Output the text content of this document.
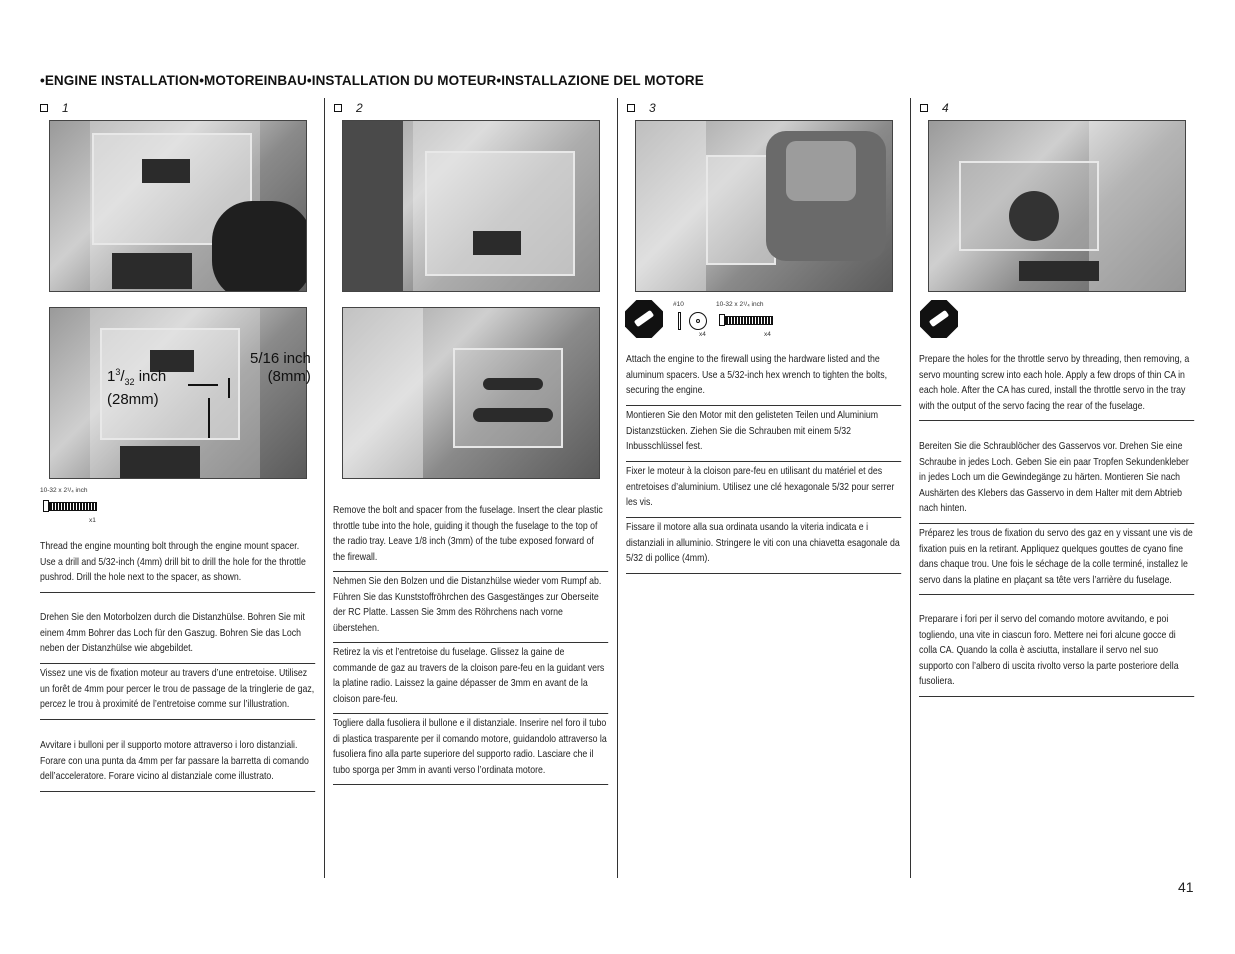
•ENGINE INSTALLATION•MOTOREINBAU•INSTALLATION DU MOTEUR•INSTALLAZIONE DEL MOTORE
1
$1^3/_{32}$ inch
(28mm)
5/16 inch
(8mm)
10-32 x 2¹/₄ inch
x1
Thread the engine mounting bolt through the engine mount spacer. Use a drill and 5/32-inch (4mm) drill bit to drill the hole for the throttle pushrod. Drill the hole next to the spacer, as shown.
Drehen Sie den Motorbolzen durch die Distanzhülse. Bohren Sie mit einem 4mm Bohrer das Loch für den Gaszug. Bohren Sie das Loch neben der Distanzhülse wie abgebildet.
Vissez une vis de fixation moteur au travers d’une entretoise. Utilisez un forêt de 4mm pour percer le trou de passage de la tringlerie de gaz, percez le trou à proximité de l’entretoise comme sur l’illustration.
Avvitare i bulloni per il supporto motore attraverso i loro distanziali. Forare con una punta da 4mm per far passare la barretta di comando dell’acceleratore. Forare vicino al distanziale come illustrato.
2
Remove the bolt and spacer from the fuselage. Insert the clear plastic throttle tube into the hole, guiding it though the fuselage to the top of the radio tray. Leave 1/8 inch (3mm) of the tube exposed forward of the firewall.
Nehmen Sie den Bolzen und die Distanzhülse wieder vom Rumpf ab. Führen Sie das Kunststoffröhrchen des Gasgestänges zur Oberseite der RC Platte. Lassen Sie 3mm des Röhrchens nach vorne überstehen.
Retirez la vis et l’entretoise du fuselage. Glissez la gaine de commande de gaz au travers de la cloison pare-feu en la guidant vers la platine radio. Laissez la gaine dépasser de 3mm en avant de la cloison pare-feu.
Togliere dalla fusoliera il bullone e il distanziale. Inserire nel foro il tubo di plastica trasparente per il comando motore, guidandolo attraverso la fusoliera fino alla parte superiore del supporto radio. Lasciare che il tubo sporga per 3mm in avanti verso l’ordinata motore.
3
#10
x4
10-32 x 2¹/₄ inch
x4
Attach the engine to the firewall using the hardware listed and the aluminum spacers. Use a 5/32-inch hex wrench to tighten the bolts, securing the engine.
Montieren Sie den Motor mit den gelisteten Teilen und Aluminium Distanzstücken. Ziehen Sie die Schrauben mit einem 5/32 Inbusschlüssel fest.
Fixer le moteur à la cloison pare-feu en utilisant du matériel et des entretoises d’aluminium. Utilisez une clé hexagonale 5/32 pour serrer les vis.
Fissare il motore alla sua ordinata usando la viteria indicata e i distanziali in alluminio. Stringere le viti con una chiavetta esagonale da 5/32 di pollice (4mm).
4
Prepare the holes for the throttle servo by threading, then removing, a servo mounting screw into each hole. Apply a few drops of thin CA in each hole. After the CA has cured, install the throttle servo in the tray with the output of the servo facing the rear of the fuselage.
Bereiten Sie die Schraublöcher des Gasservos vor. Drehen Sie eine Schraube in jedes Loch. Geben Sie ein paar Tropfen Sekundenkleber in jedes Loch um die Gewindegänge zu härten. Montieren Sie nach Aushärten des Klebers das Gasservo in dem Halter mit dem Abtrieb nach hinten.
Préparez les trous de fixation du servo des gaz en y vissant une vis de fixation puis en la retirant. Appliquez quelques gouttes de cyano fine dans chaque trou. Une fois le séchage de la colle terminé, installez le servo dans la platine en plaçant sa tête vers l’arrière du fuselage.
Preparare i fori per il servo del comando motore avvitando, e poi togliendo, una vite in ciascun foro. Mettere nei fori alcune gocce di colla CA. Quando la colla è asciutta, installare il servo nel suo supporto con l’albero di uscita rivolto verso la parte posteriore della fusoliera.
41
